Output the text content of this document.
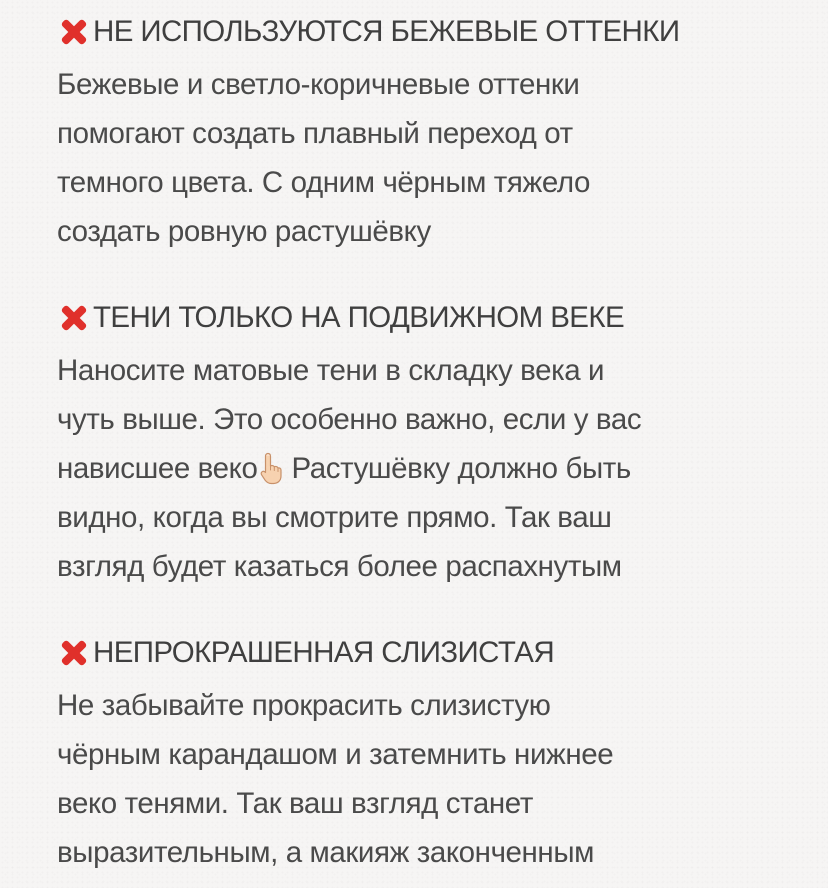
НЕ ИСПОЛЬЗУЮТСЯ БЕЖЕВЫЕ ОТТЕНКИ
Бежевые и светло-коричневые оттенки
помогают создать плавный переход от
темного цвета. С одним чёрным тяжело
создать ровную растушёвку
ТЕНИ ТОЛЬКО НА ПОДВИЖНОМ ВЕКЕ
Наносите матовые тени в складку века и
чуть выше. Это особенно важно, если у вас
нависшее веко Растушёвку должно быть
видно, когда вы смотрите прямо. Так ваш
взгляд будет казаться более распахнутым
НЕПРОКРАШЕННАЯ СЛИЗИСТАЯ
Не забывайте прокрасить слизистую
чёрным карандашом и затемнить нижнее
веко тенями. Так ваш взгляд станет
выразительным, а макияж законченным
